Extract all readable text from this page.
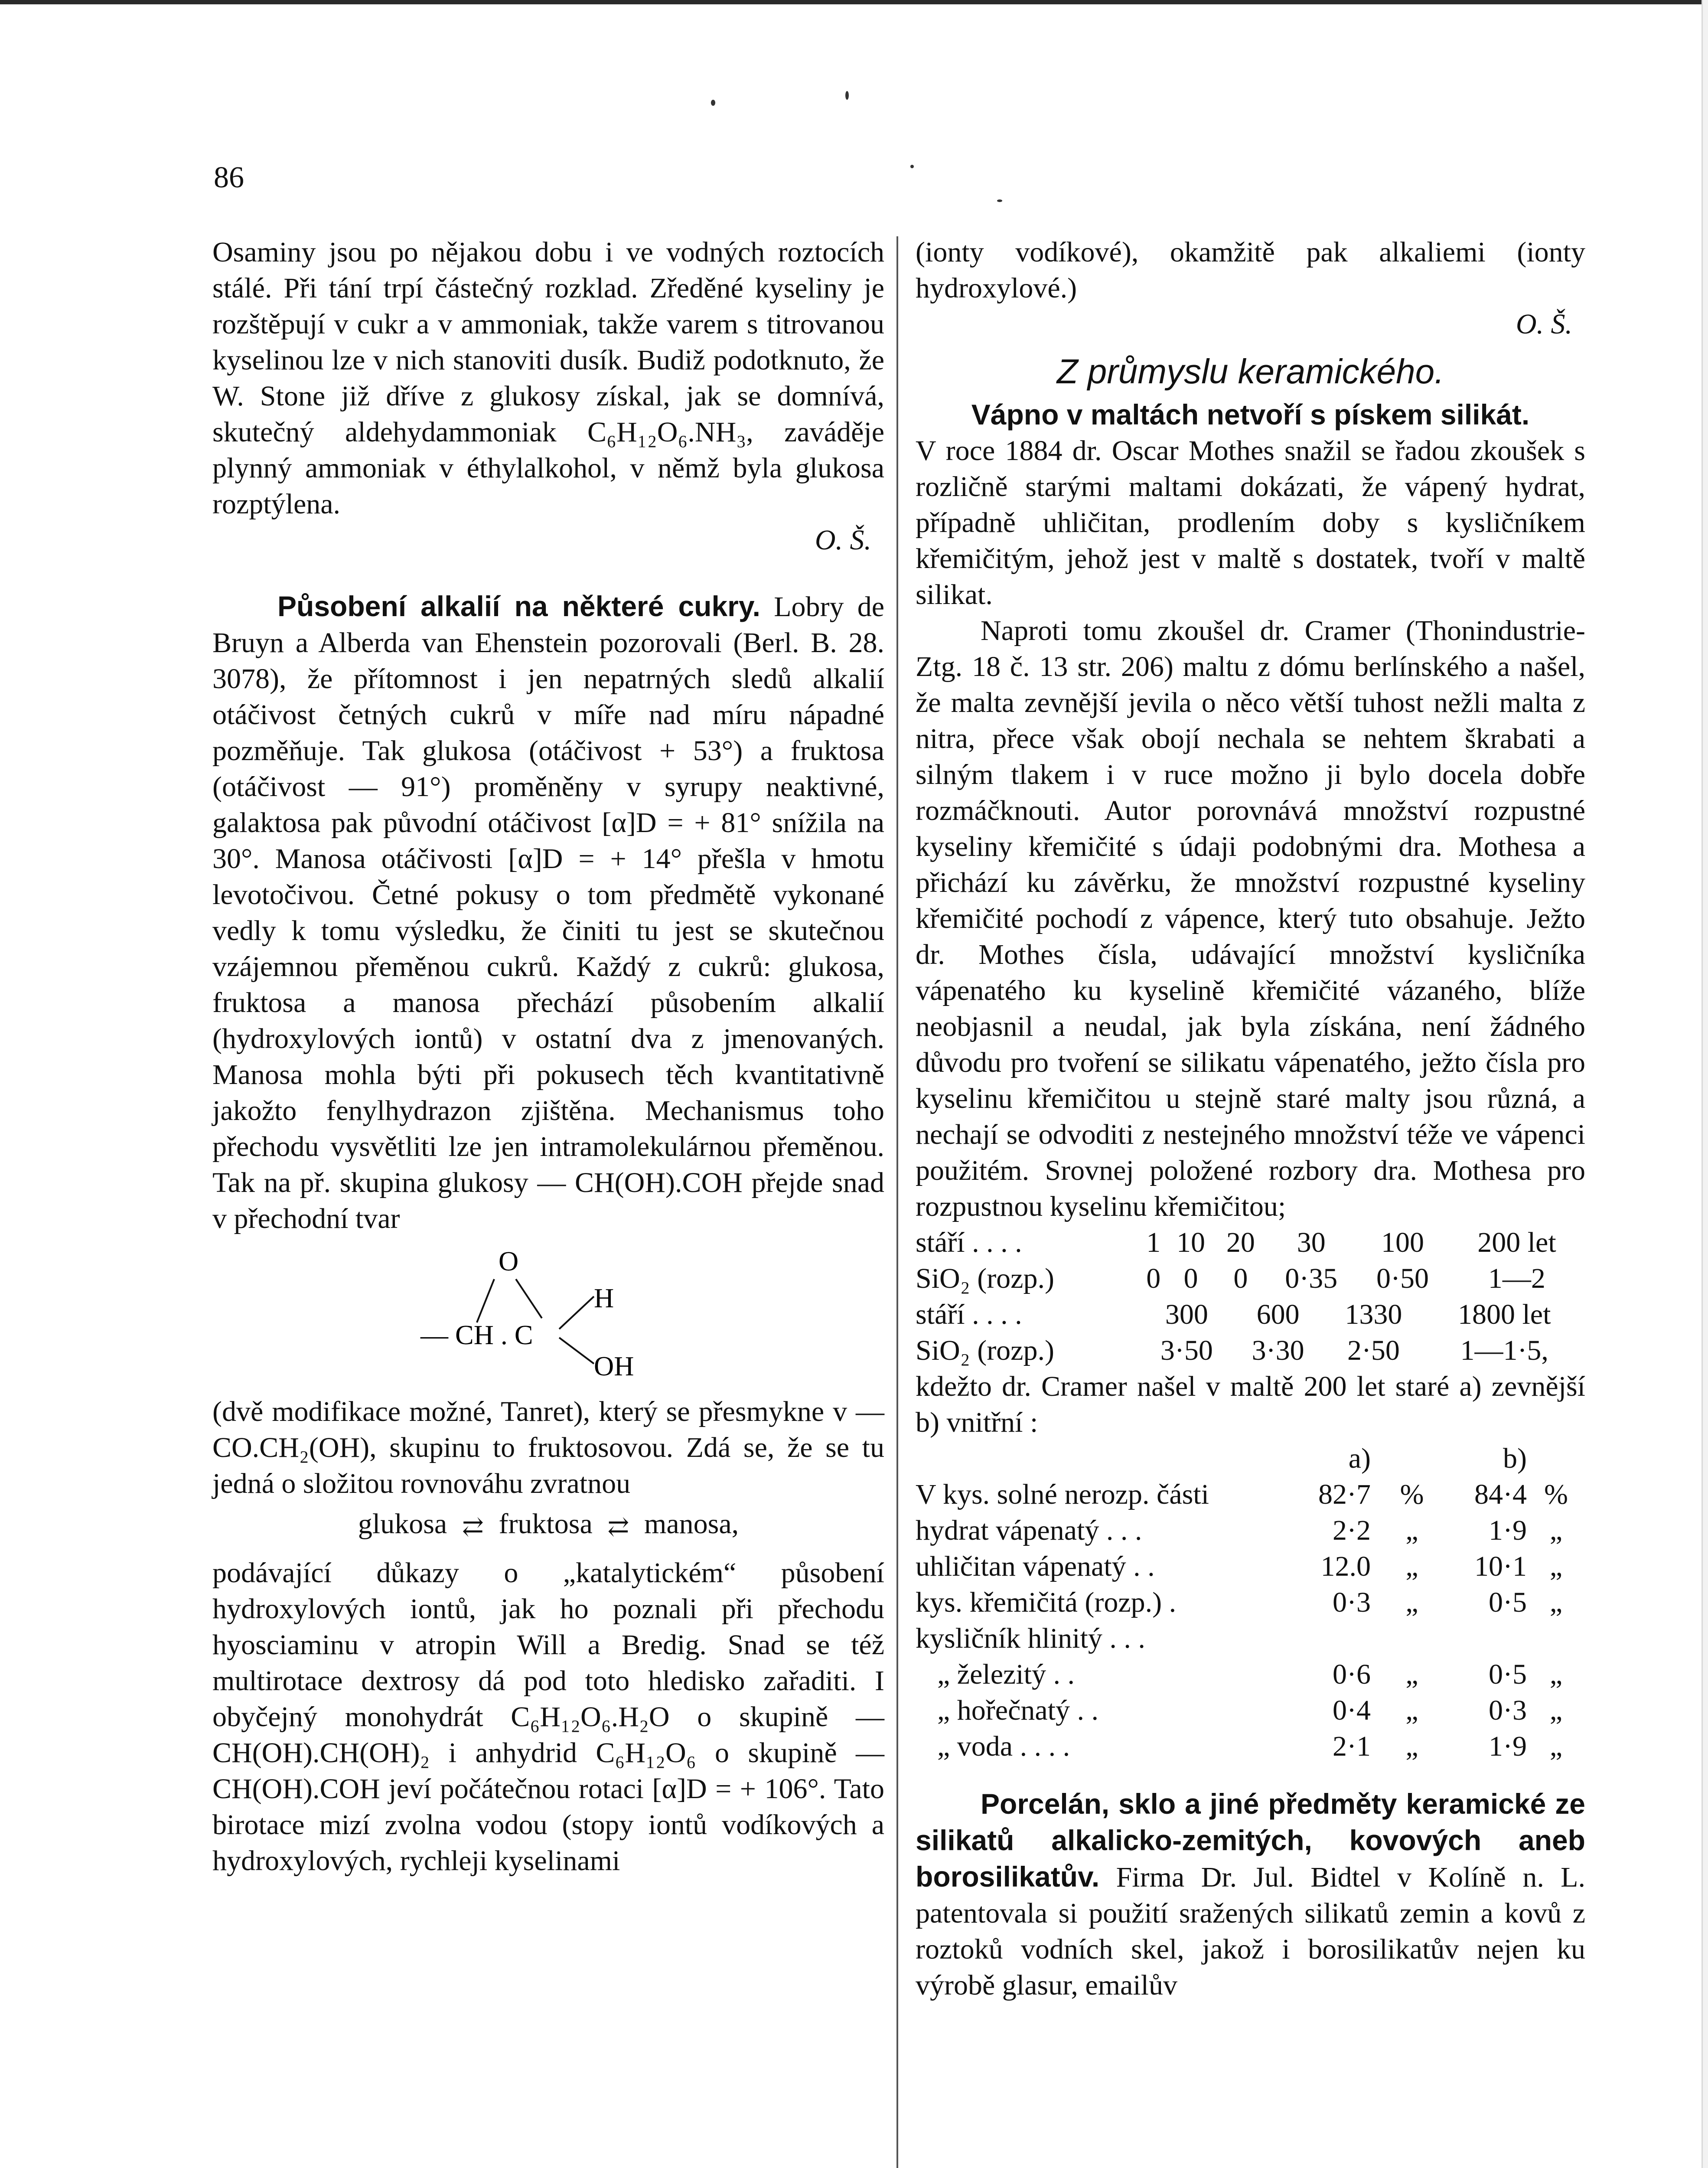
86

Osaminy jsou po nějakou dobu i ve vodných roztocích stálé. Při tání trpí částečný rozklad. Zředěné kyseliny je rozštěpují v cukr a v ammoniak, takže varem s titrovanou kyselinou lze v nich stanoviti dusík. Budiž podotknuto, že W. Stone již dříve z glukosy získal, jak se domnívá, skutečný aldehydammoniak C₆H₁₂O₆.NH₃, zaváděje plynný ammoniak v éthylalkohol, v němž byla glukosa rozptýlena.

O. Š.

Působení alkalií na některé cukry. Lobry de Bruyn a Alberda van Ehenstein pozorovali (Berl. B. 28. 3078), že přítomnost i jen nepatrných sledů alkalií otáčivost četných cukrů v míře nad míru nápadné pozměňuje. Tak glukosa (otáčivost + 53°) a fruktosa (otáčivost — 91°) proměněny v syrupy neaktivné, galaktosa pak původní otáčivost [α]D = + 81° snížila na 30°. Manosa otáčivosti [α]D = + 14° přešla v hmotu levotočivou. Četné pokusy o tom předmětě vykonané vedly k tomu výsledku, že činiti tu jest se skutečnou vzájemnou přeměnou cukrů. Každý z cukrů: glukosa, fruktosa a manosa přechází působením alkalií (hydroxylových iontů) v ostatní dva z jmenovaných. Manosa mohla býti při pokusech těch kvantitativně jakožto fenylhydrazon zjištěna. Mechanismus toho přechodu vysvětliti lze jen intramolekulárnou přeměnou. Tak na př. skupina glukosy — CH(OH).COH přejde snad v přechodní tvar

O
H
— CH . C
OH

(dvě modifikace možné, Tanret), který se přesmykne v — CO.CH₂(OH), skupinu to fruktosovou. Zdá se, že se tu jedná o složitou rovnováhu zvratnou

glukosa ⇄ fruktosa ⇄ manosa,

podávající důkazy o „katalytickém“ působení hydroxylových iontů, jak ho poznali při přechodu hyosciaminu v atropin Will a Bredig. Snad se též multirotace dextrosy dá pod toto hledisko zařaditi. I obyčejný monohydrát C₆H₁₂O₆.H₂O o skupině — CH(OH).CH(OH)₂ i anhydrid C₆H₁₂O₆ o skupině — CH(OH).COH jeví počátečnou rotaci [α]D = + 106°. Tato birotace mizí zvolna vodou (stopy iontů vodíkových a hydroxylových, rychleji kyselinami

(ionty vodíkové), okamžitě pak alkaliemi (ionty hydroxylové.)

O. Š.

Z průmyslu keramického.

Vápno v maltách netvoří s pískem silikát.

V roce 1884 dr. Oscar Mothes snažil se řadou zkoušek s rozličně starými maltami dokázati, že vápený hydrat, případně uhličitan, prodlením doby s kysličníkem křemičitým, jehož jest v maltě s dostatek, tvoří v maltě silikat.

Naproti tomu zkoušel dr. Cramer (Thonindustrie-Ztg. 18 č. 13 str. 206) maltu z dómu berlínského a našel, že malta zevnější jevila o něco větší tuhost nežli malta z nitra, přece však obojí nechala se nehtem škrabati a silným tlakem i v ruce možno ji bylo docela dobře rozmáčknouti. Autor porovnává množství rozpustné kyseliny křemičité s údaji podobnými dra. Mothesa a přichází ku závěrku, že množství rozpustné kyseliny křemičité pochodí z vápence, který tuto obsahuje. Ježto dr. Mothes čísla, udávající množství kysličníka vápenatého ku kyselině křemičité vázaného, blíže neobjasnil a neudal, jak byla získána, není žádného důvodu pro tvoření se silikatu vápenatého, ježto čísla pro kyselinu křemičitou u stejně staré malty jsou různá, a nechají se odvoditi z nestejného množství téže ve vápenci použitém. Srovnej položené rozbory dra. Mothesa pro rozpustnou kyselinu křemičitou;

stáří . . . .	1	10	20	30	100	200 let
SiO₂ (rozp.)	0	0	0	0·35	0·50	1—2
stáří . . . .	300	600	1330	1800 let
SiO₂ (rozp.)	3·50	3·30	2·50	1—1·5,

kdežto dr. Cramer našel v maltě 200 let staré a) zevnější b) vnitřní :

	a)		b)	
V kys. solné nerozp. části	82·7	%	84·4	%
hydrat vápenatý . . .	2·2	„	1·9	„
uhličitan vápenatý . .	12.0	„	10·1	„
kys. křemičitá (rozp.) .	0·3	„	0·5	„
kysličník hlinitý . . .				
„ železitý . .	0·6	„	0·5	„
„ hořečnatý . .	0·4	„	0·3	„
„ voda . . . .	2·1	„	1·9	„

Porcelán, sklo a jiné předměty keramické ze silikatů alkalicko-zemitých, kovových aneb borosilikatův. Firma Dr. Jul. Bidtel v Kolíně n. L. patentovala si použití sražených silikatů zemin a kovů z roztoků vodních skel, jakož i borosilikatův nejen ku výrobě glasur, emailův
